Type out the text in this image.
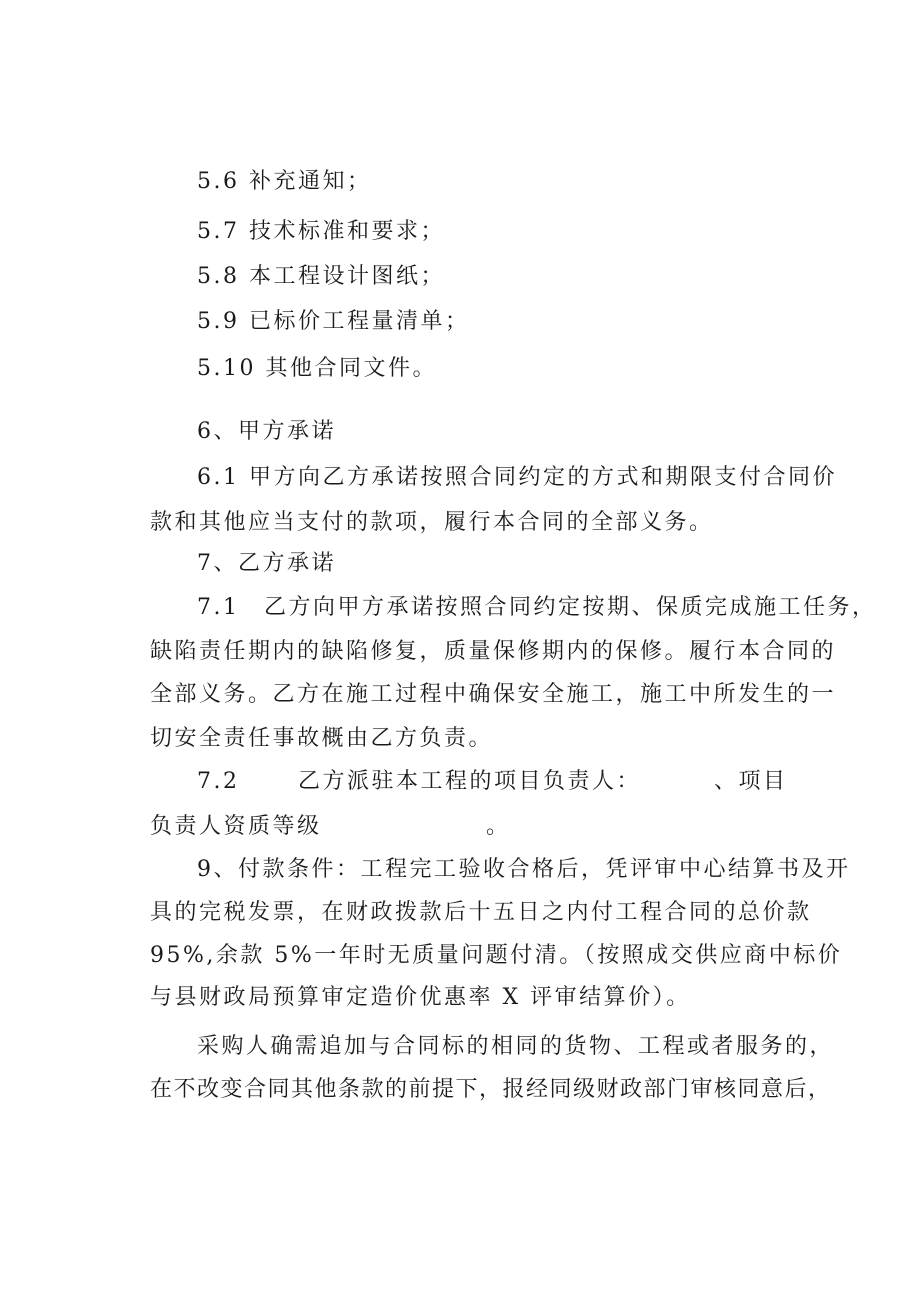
5.6 补充通知；
5.7 技术标准和要求；
5.8 本工程设计图纸；
5.9 已标价工程量清单；
5.10 其他合同文件。
6、甲方承诺
6.1 甲方向乙方承诺按照合同约定的方式和期限支付合同价
款和其他应当支付的款项，履行本合同的全部义务。
7、乙方承诺
7.1　乙方向甲方承诺按照合同约定按期、保质完成施工任务，
缺陷责任期内的缺陷修复，质量保修期内的保修。履行本合同的
全部义务。乙方在施工过程中确保安全施工，施工中所发生的一
切安全责任事故概由乙方负责。
7.2	乙方派驻本工程的项目负责人：	、项目
负责人资质等级	。
9、付款条件：工程完工验收合格后，凭评审中心结算书及开
具的完税发票，在财政拨款后十五日之内付工程合同的总价款
95%,余款 5%一年时无质量问题付清。（按照成交供应商中标价
与县财政局预算审定造价优惠率 X 评审结算价）。
采购人确需追加与合同标的相同的货物、工程或者服务的，
在不改变合同其他条款的前提下，报经同级财政部门审核同意后，
